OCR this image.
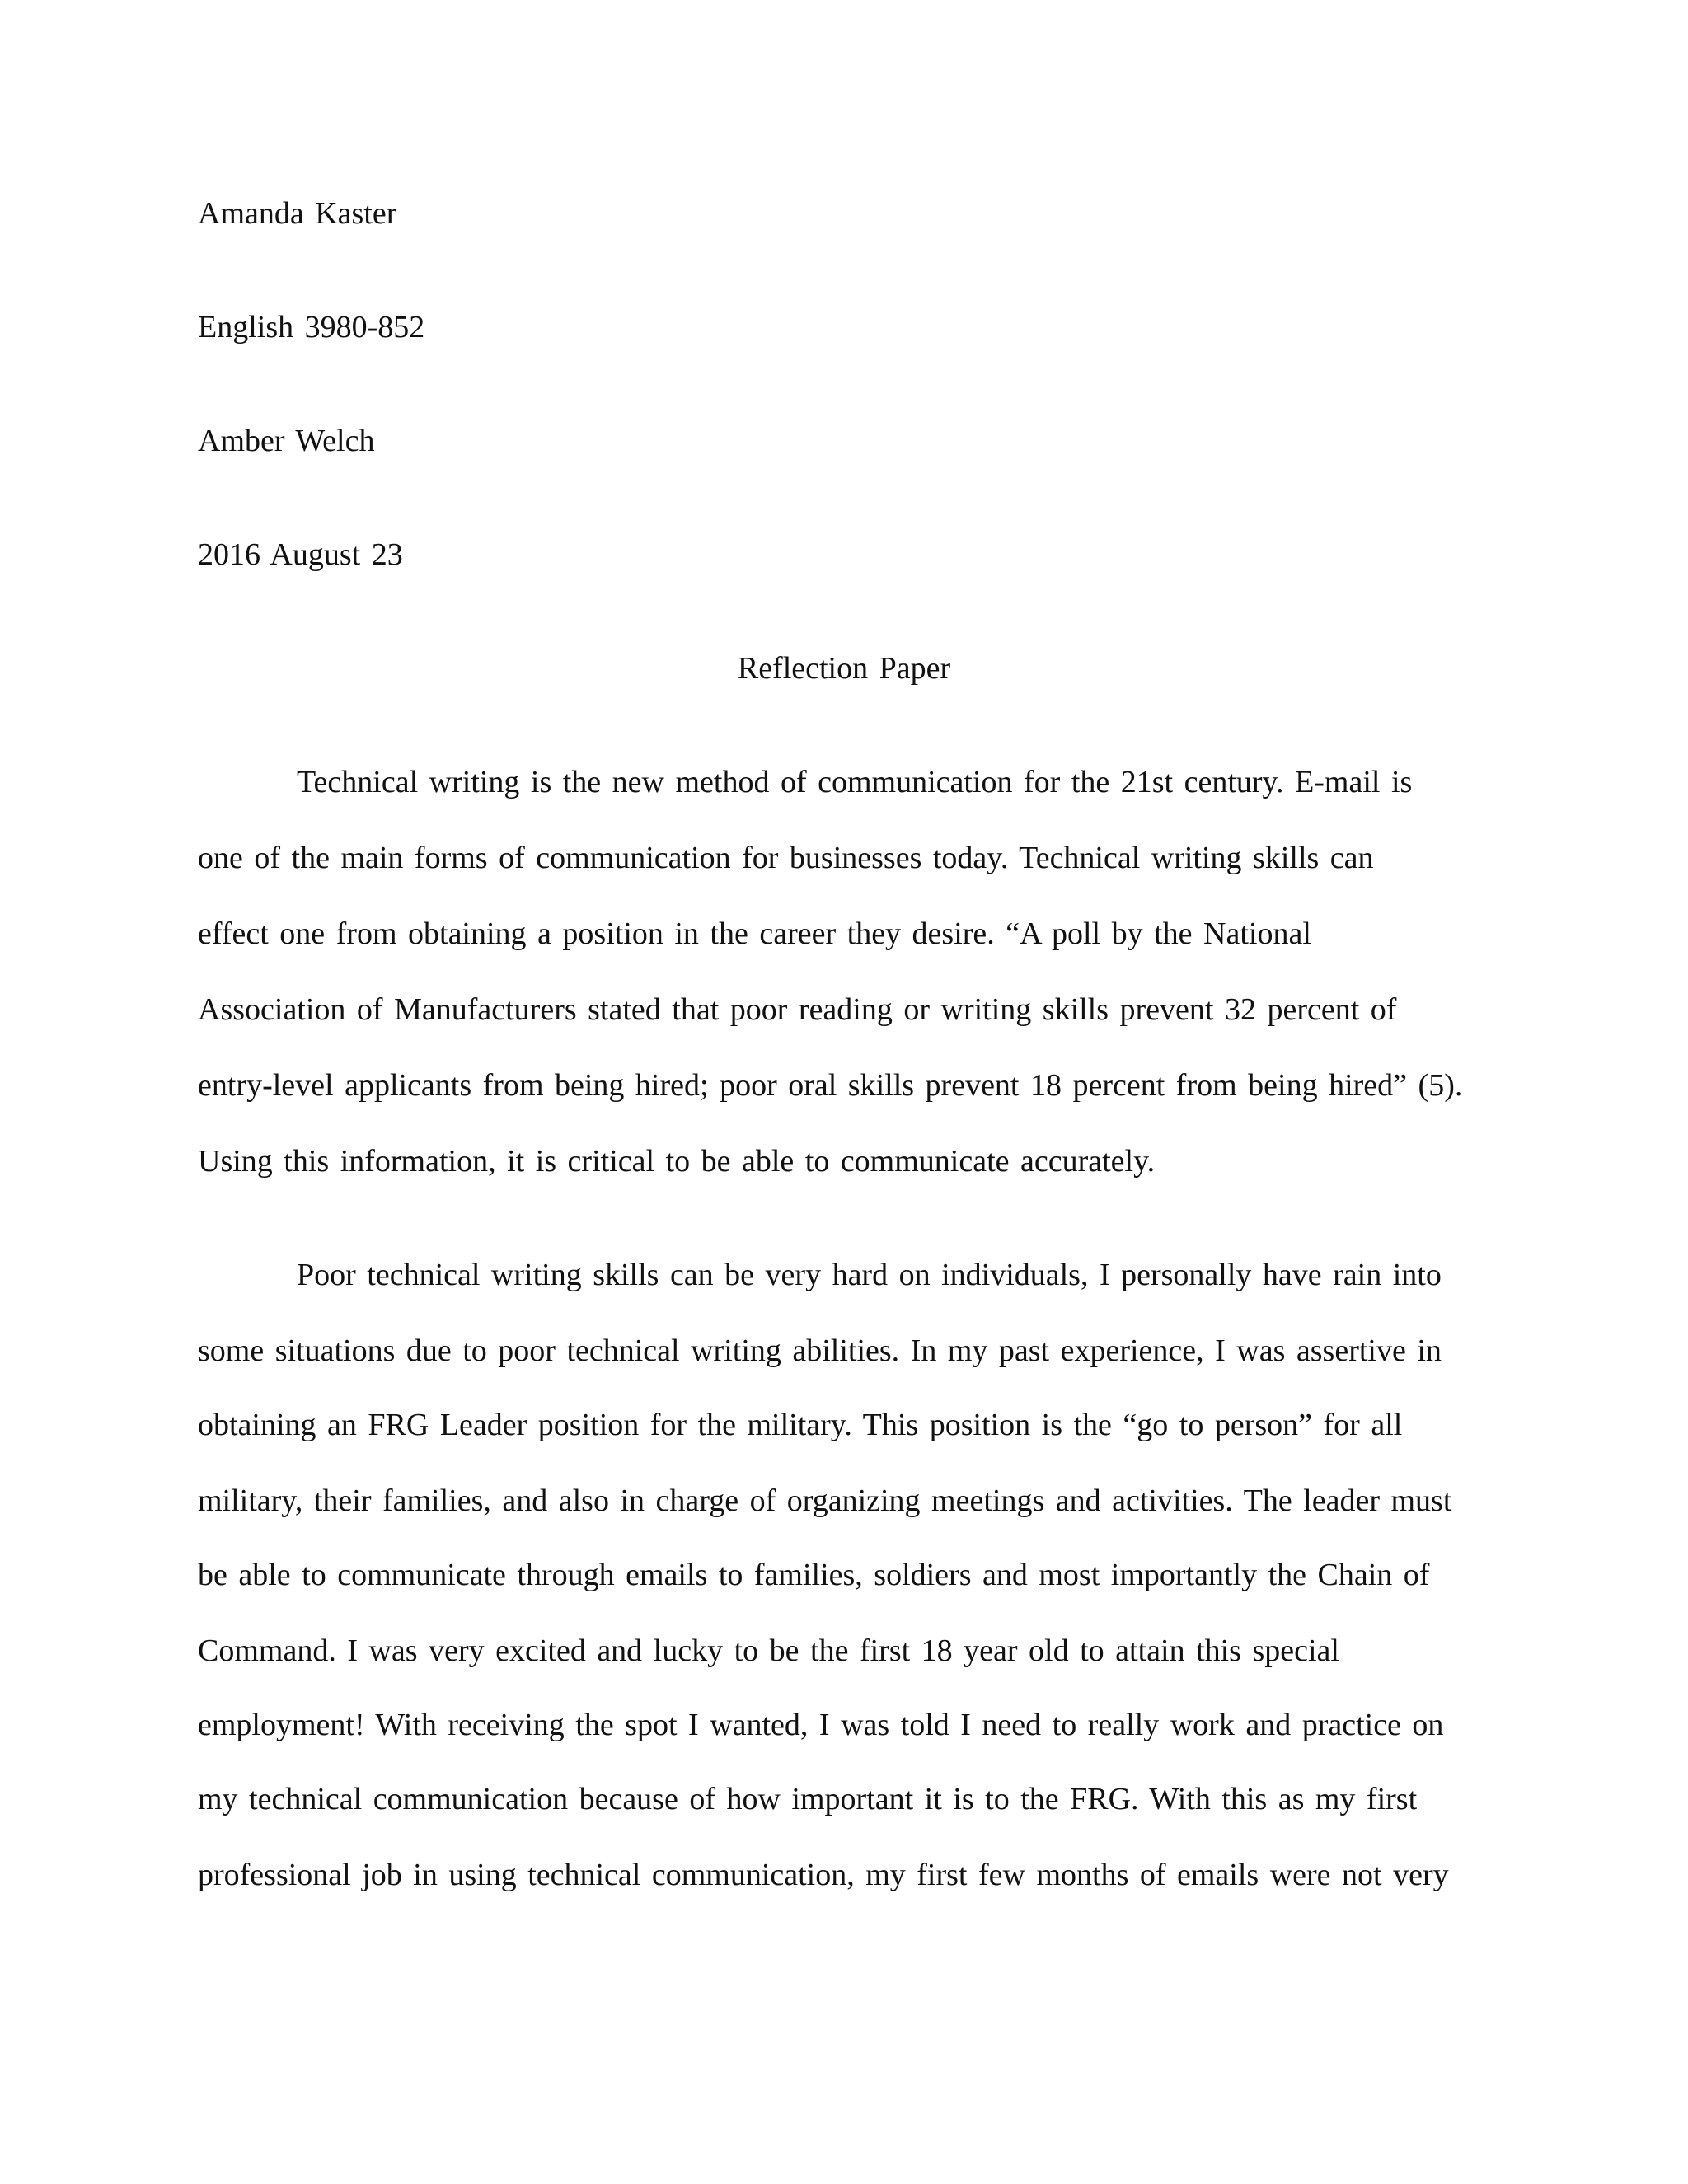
Amanda Kaster
English 3980-852
Amber Welch
2016 August 23
Reflection Paper
Technical writing is the new method of communication for the 21st century. E-mail is
one of the main forms of communication for businesses today. Technical writing skills can
effect one from obtaining a position in the career they desire. “A poll by the National
Association of Manufacturers stated that poor reading or writing skills prevent 32 percent of
entry-level applicants from being hired; poor oral skills prevent 18 percent from being hired” (5).
Using this information, it is critical to be able to communicate accurately.
Poor technical writing skills can be very hard on individuals, I personally have rain into
some situations due to poor technical writing abilities. In my past experience, I was assertive in
obtaining an FRG Leader position for the military. This position is the “go to person” for all
military, their families, and also in charge of organizing meetings and activities. The leader must
be able to communicate through emails to families, soldiers and most importantly the Chain of
Command. I was very excited and lucky to be the first 18 year old to attain this special
employment! With receiving the spot I wanted, I was told I need to really work and practice on
my technical communication because of how important it is to the FRG. With this as my first
professional job in using technical communication, my first few months of emails were not very
